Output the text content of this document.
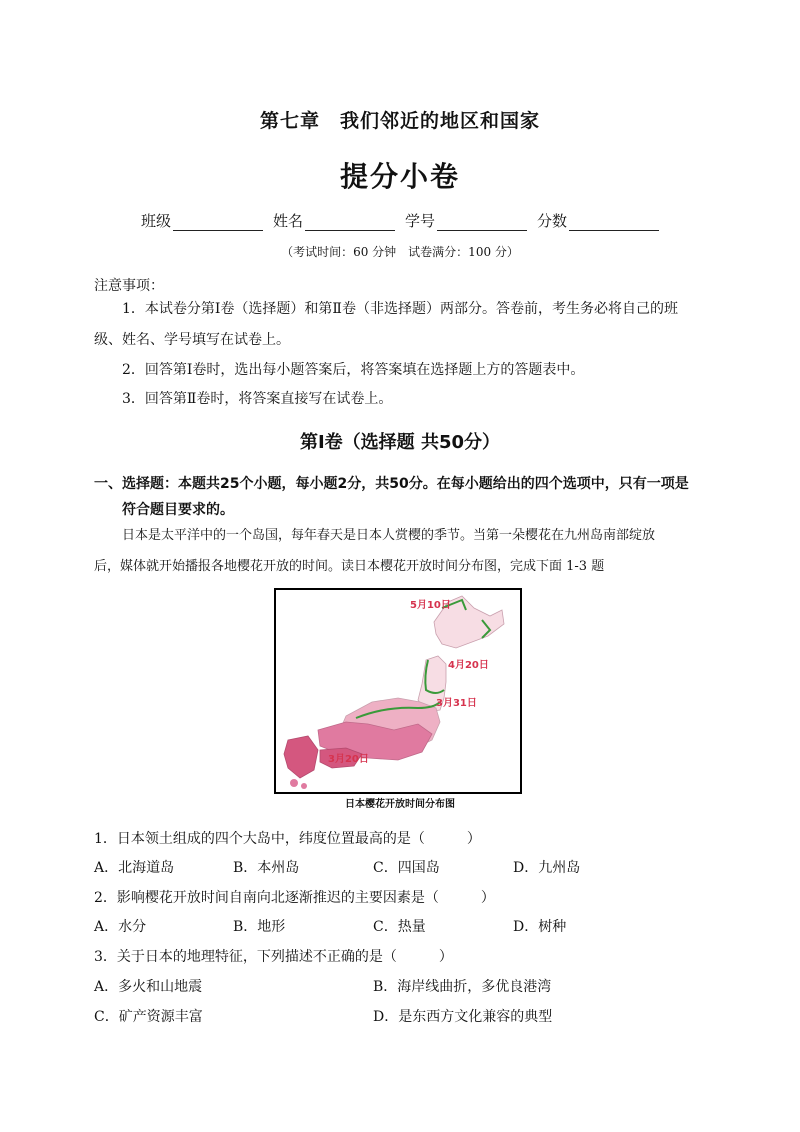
第七章　我们邻近的地区和国家
提分小卷
班级	姓名	学号	分数
（考试时间：60 分钟　试卷满分：100 分）
注意事项：
1．本试卷分第Ⅰ卷（选择题）和第Ⅱ卷（非选择题）两部分。答卷前，考生务必将自己的班
级、姓名、学号填写在试卷上。
2．回答第Ⅰ卷时，选出每小题答案后，将答案填在选择题上方的答题表中。
3．回答第Ⅱ卷时，将答案直接写在试卷上。
第Ⅰ卷（选择题 共50分）
一、选择题：本题共25个小题，每小题2分，共50分。在每小题给出的四个选项中，只有一项是
符合题目要求的。
日本是太平洋中的一个岛国，每年春天是日本人赏樱的季节。当第一朵樱花在九州岛南部绽放
后，媒体就开始播报各地樱花开放的时间。读日本樱花开放时间分布图，完成下面 1-3 题
5月10日
4月20日
3月31日
3月20日
日本樱花开放时间分布图
1．日本领土组成的四个大岛中，纬度位置最高的是（　　　）
A．北海道岛	B．本州岛	C．四国岛	D．九州岛
2．影响樱花开放时间自南向北逐渐推迟的主要因素是（　　　）
A．水分	B．地形	C．热量	D．树种
3．关于日本的地理特征，下列描述不正确的是（　　　）
A．多火和山地震	B．海岸线曲折，多优良港湾
C．矿产资源丰富	D．是东西方文化兼容的典型
